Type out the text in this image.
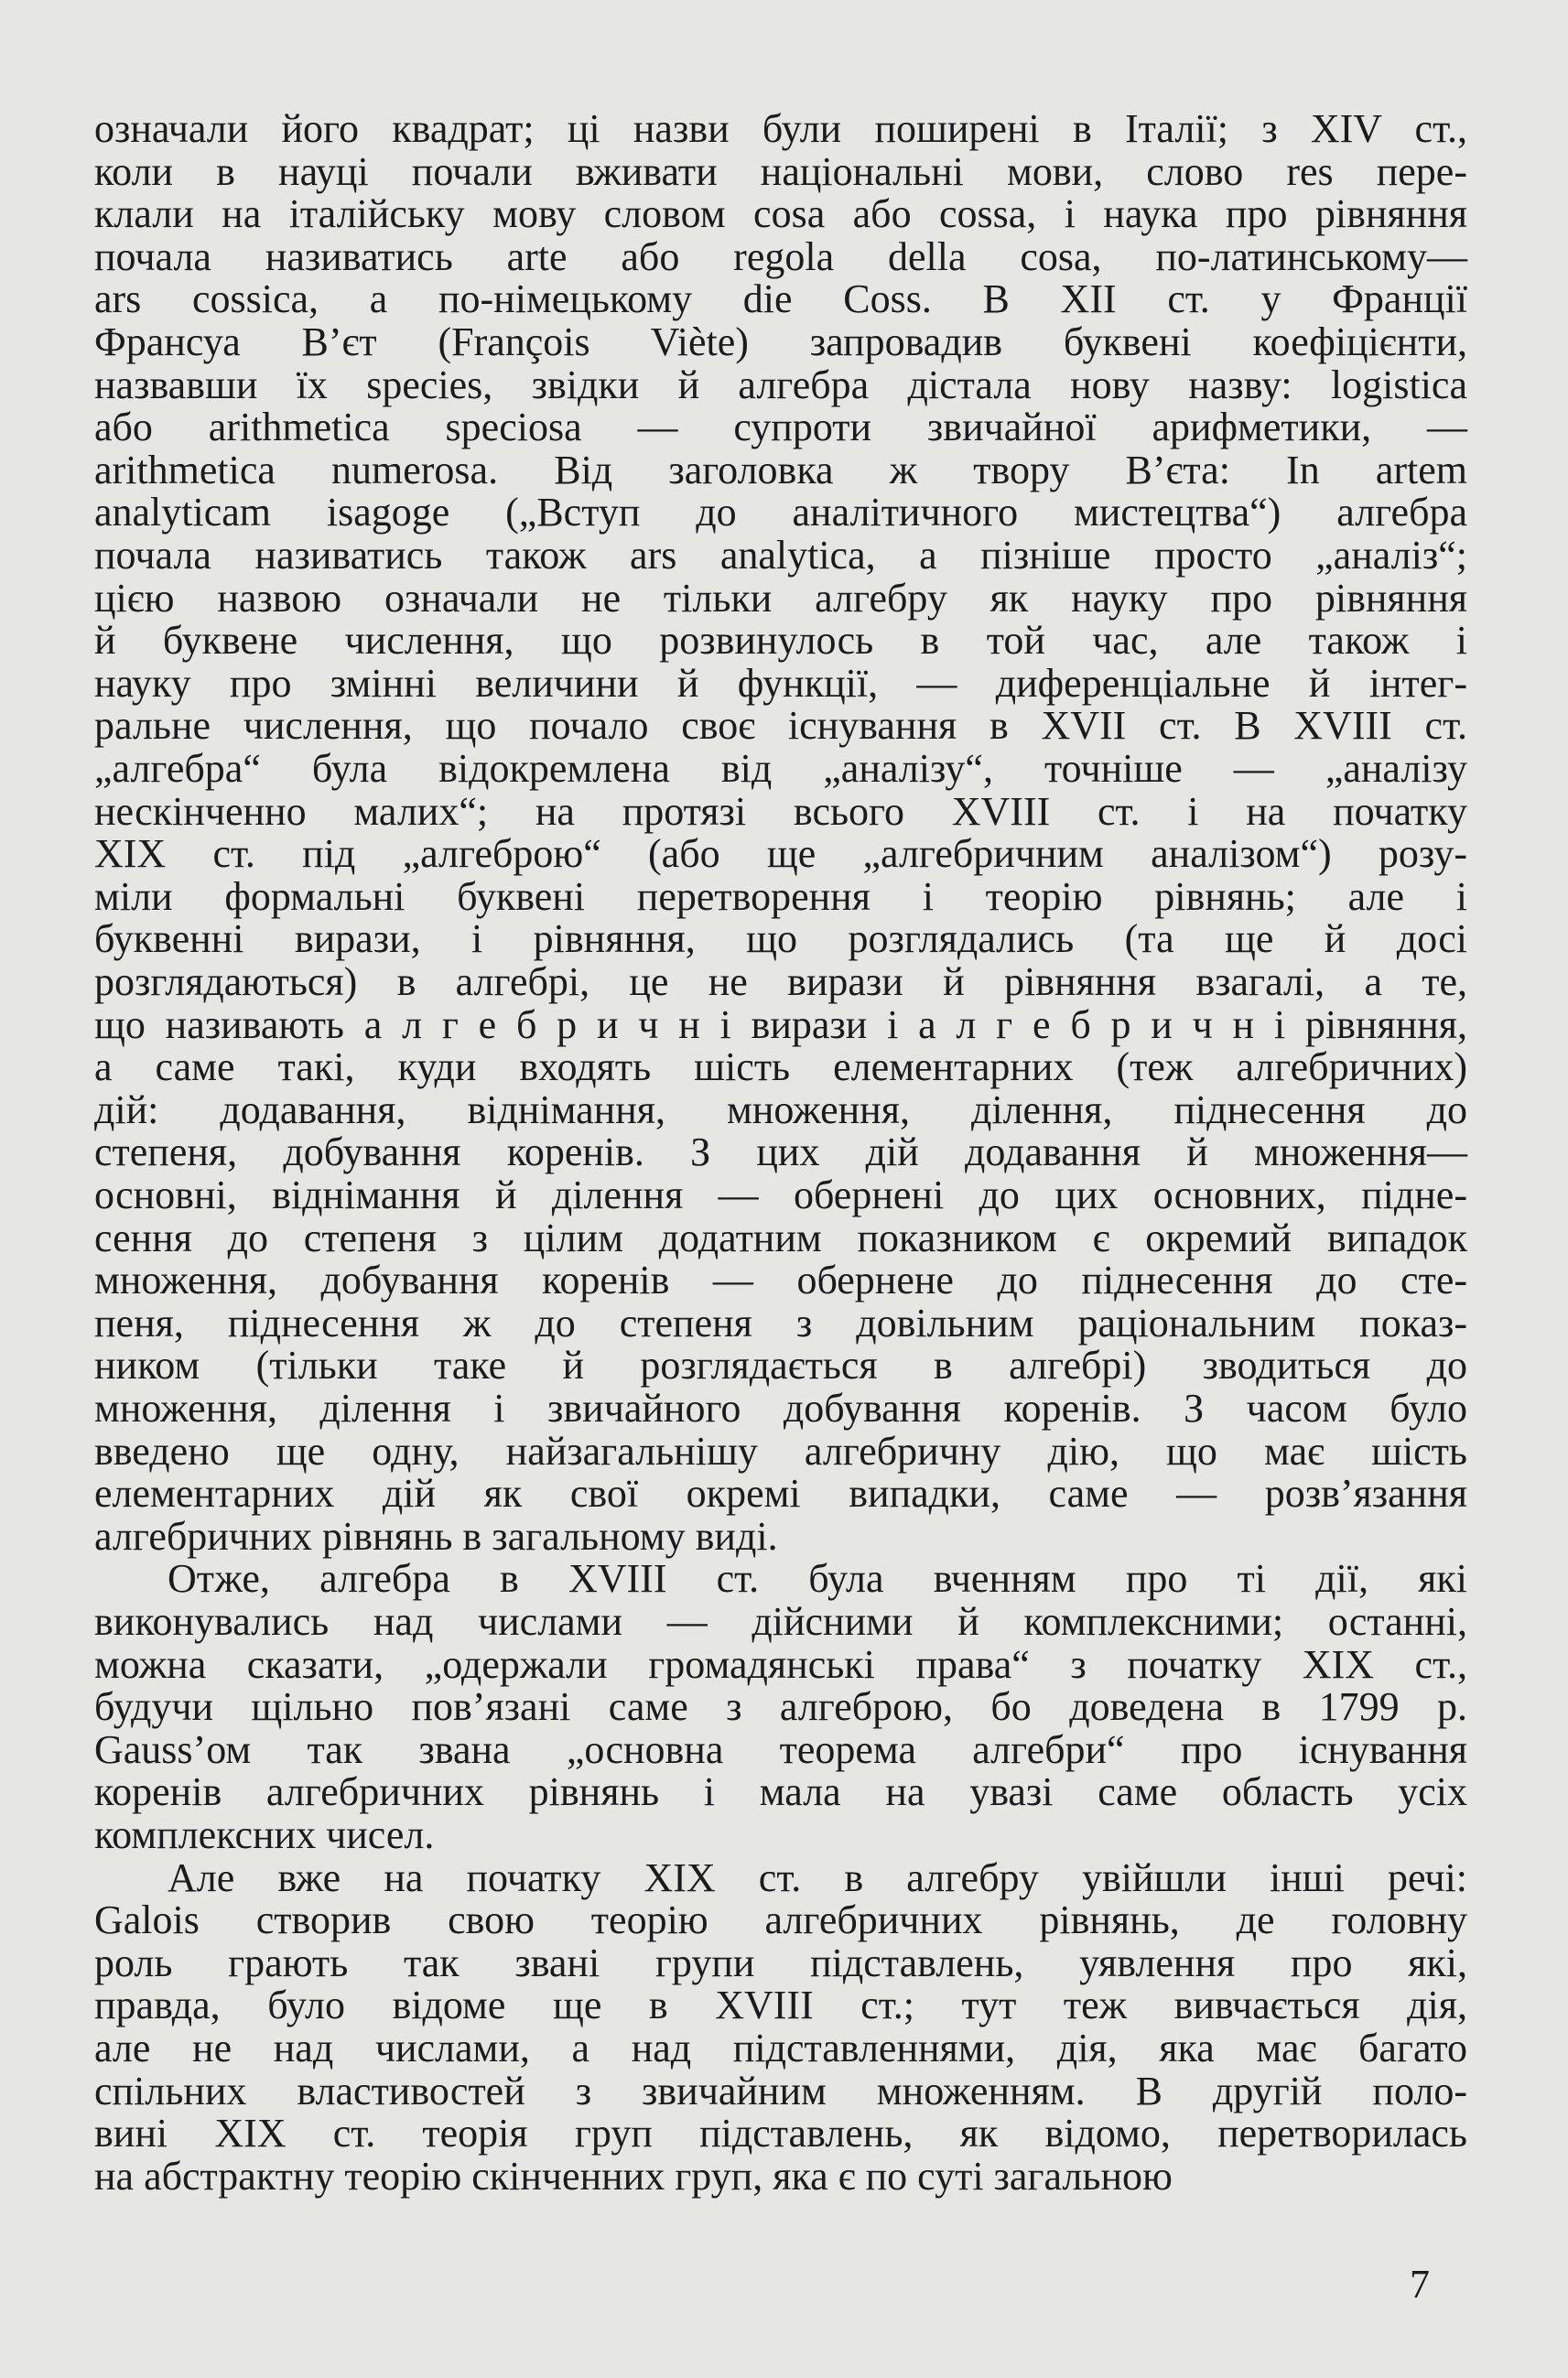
означали його квадрат; ці назви були поширені в Італії; з XIV ст.,
коли в науці почали вживати національні мови, слово res пере-
клали на італійську мову словом cosa або cossa, і наука про рівняння
почала називатись arte або regola della cosa, по-латинському—
ars cossica, а по-німецькому die Coss. В XII ст. у Франції
Франсуа В’єт (François Viète) запровадив буквені коефіцієнти,
назвавши їх species, звідки й алгебра дістала нову назву: logistica
або arithmetica speciosa — супроти звичайної арифметики, —
arithmetica numerosa. Від заголовка ж твору В’єта: In artem
analyticam isagoge („Вступ до аналітичного мистецтва“) алгебра
почала називатись також ars analytica, а пізніше просто „аналіз“;
цією назвою означали не тільки алгебру як науку про рівняння
й буквене числення, що розвинулось в той час, але також і
науку про змінні величини й функції, — диференціальне й інтег-
ральне числення, що почало своє існування в XVII ст. В XVIII ст.
„алгебра“ була відокремлена від „аналізу“, точніше — „аналізу
нескінченно малих“; на протязі всього XVIII ст. і на початку
XIX ст. під „алгеброю“ (або ще „алгебричним аналізом“) розу-
міли формальні буквені перетворення і теорію рівнянь; але і
буквенні вирази, і рівняння, що розглядались (та ще й досі
розглядаються) в алгебрі, це не вирази й рівняння взагалі, а те,
що називають а л г е б р и ч н і вирази і а л г е б р и ч н і рівняння,
а саме такі, куди входять шість елементарних (теж алгебричних)
дій: додавання, віднімання, множення, ділення, піднесення до
степеня, добування коренів. З цих дій додавання й множення—
основні, віднімання й ділення — обернені до цих основних, підне-
сення до степеня з цілим додатним показником є окремий випадок
множення, добування коренів — обернене до піднесення до сте-
пеня, піднесення ж до степеня з довільним раціональним показ-
ником (тільки таке й розглядається в алгебрі) зводиться до
множення, ділення і звичайного добування коренів. З часом було
введено ще одну, найзагальнішу алгебричну дію, що має шість
елементарних дій як свої окремі випадки, саме — розв’язання
алгебричних рівнянь в загальному виді.
Отже, алгебра в XVIII ст. була вченням про ті дії, які
виконувались над числами — дійсними й комплексними; останні,
можна сказати, „одержали громадянські права“ з початку XIX ст.,
будучи щільно пов’язані саме з алгеброю, бо доведена в 1799 р.
Gauss’ом так звана „основна теорема алгебри“ про існування
коренів алгебричних рівнянь і мала на увазі саме область усіх
комплексних чисел.
Але вже на початку XIX ст. в алгебру увійшли інші речі:
Galois створив свою теорію алгебричних рівнянь, де головну
роль грають так звані групи підставлень, уявлення про які,
правда, було відоме ще в XVIII ст.; тут теж вивчається дія,
але не над числами, а над підставленнями, дія, яка має багато
спільних властивостей з звичайним множенням. В другій поло-
вині XIX ст. теорія груп підставлень, як відомо, перетворилась
на абстрактну теорію скінченних груп, яка є по суті загальною
7
